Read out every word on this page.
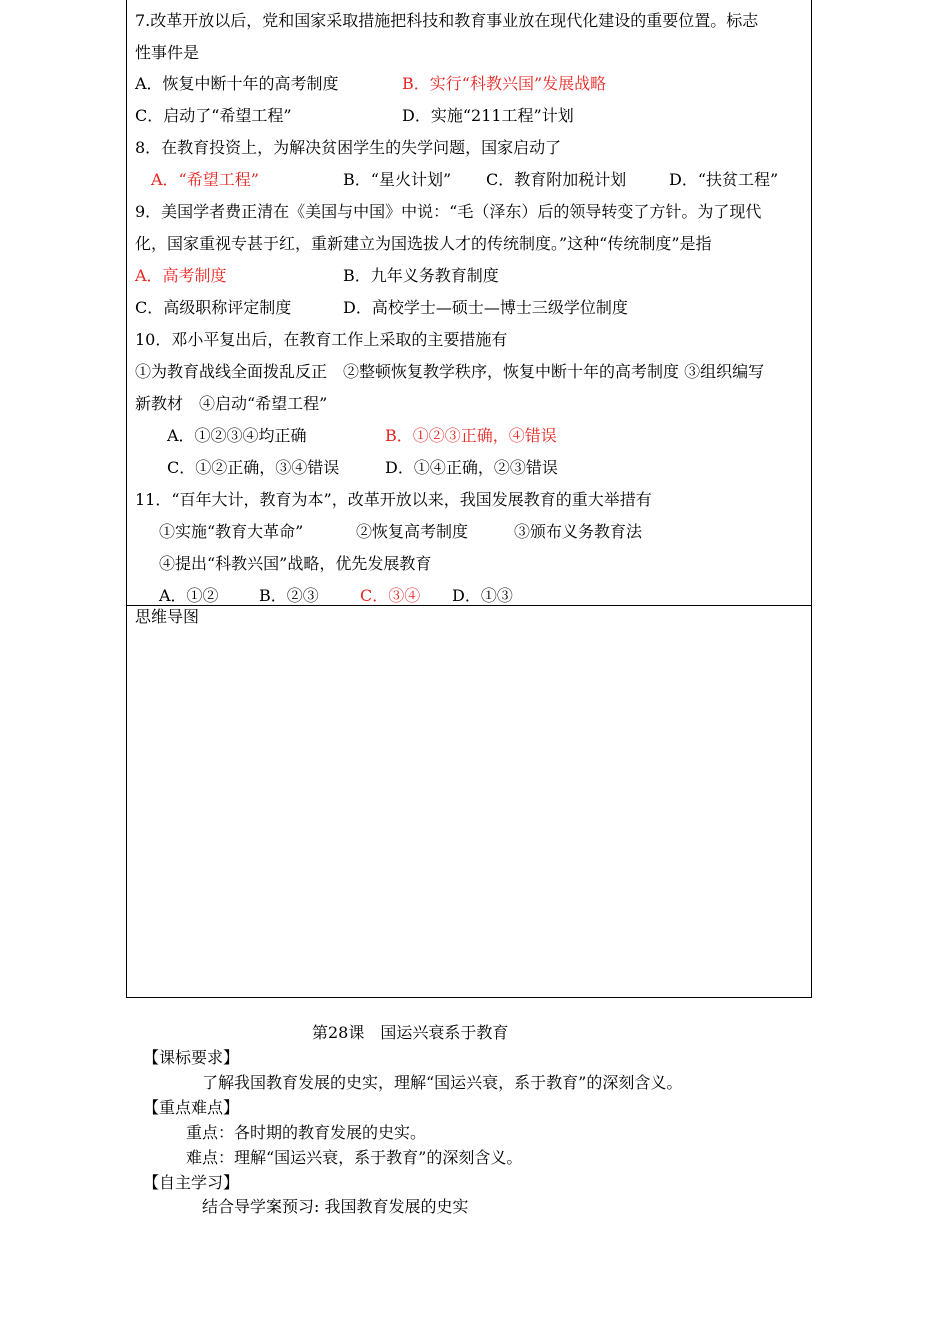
7.改革开放以后，党和国家采取措施把科技和教育事业放在现代化建设的重要位置。标志
性事件是
A．恢复中断十年的高考制度	B．实行“科教兴国”发展战略
C．启动了“希望工程”	D．实施“211工程”计划
8．在教育投资上，为解决贫困学生的失学问题，国家启动了
A．“希望工程”	B．“星火计划” C．教育附加税计划	D．“扶贫工程”
9．美国学者费正清在《美国与中国》中说：“毛（泽东）后的领导转变了方针。为了现代
化，国家重视专甚于红，重新建立为国选拔人才的传统制度。”这种“传统制度”是指
A．高考制度	B．九年义务教育制度
C．高级职称评定制度	D．高校学士—硕士—博士三级学位制度
10．邓小平复出后，在教育工作上采取的主要措施有
①为教育战线全面拨乱反正　②整顿恢复教学秩序，恢复中断十年的高考制度 ③组织编写
新教材　④启动“希望工程”
A．①②③④均正确	B．①②③正确，④错误
C．①②正确，③④错误	D．①④正确，②③错误
11．“百年大计，教育为本”，改革开放以来，我国发展教育的重大举措有
①实施“教育大革命”	②恢复高考制度	③颁布义务教育法
④提出“科教兴国”战略，优先发展教育
A．①②	B．②③	C．③④ D．①③
思维导图
第28课　国运兴衰系于教育
【课标要求】
了解我国教育发展的史实，理解“国运兴衰，系于教育”的深刻含义。
【重点难点】
重点：各时期的教育发展的史实。
难点：理解“国运兴衰，系于教育”的深刻含义。
【自主学习】
结合导学案预习: 我国教育发展的史实
